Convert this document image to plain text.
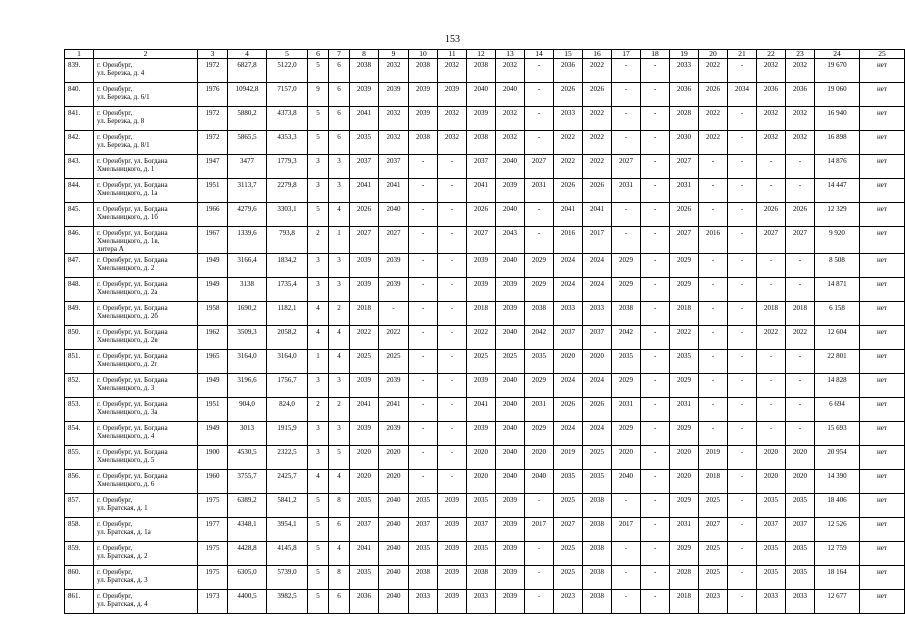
153
1	2	3	4	5	6	7	8	9	10	11	12	13	14	15	16	17	18	19	20	21	22	23	24	25
839.	г. Оренбург,
ул. Березка, д. 4	1972	6827,8	5122,0	5	6	2038	2032	2038	2032	2038	2032	-	2036	2022	-	-	2033	2022	-	2032	2032	19 670	нет
840.	г. Оренбург,
ул. Березка, д. 6/1	1976	10942,8	7157,0	9	6	2039	2039	2039	2039	2040	2040	-	2026	2026	-	-	2036	2026	2034	2036	2036	19 060	нет
841.	г. Оренбург,
ул. Березка, д. 8	1972	5880,2	4373,8	5	6	2041	2032	2039	2032	2039	2032	-	2033	2022	-	-	2028	2022	-	2032	2032	16 940	нет
842.	г. Оренбург,
ул. Березка, д. 8/1	1972	5865,5	4353,3	5	6	2035	2032	2038	2032	2038	2032	-	2022	2022	-	-	2030	2022	-	2032	2032	16 898	нет
843.	г. Оренбург, ул. Богдана
Хмельницкого, д. 1	1947	3477	1779,3	3	3	2037	2037	-	-	2037	2040	2027	2022	2022	2027	-	2027	-	-	-	-	14 876	нет
844.	г. Оренбург, ул. Богдана
Хмельницкого, д. 1а	1951	3113,7	2279,8	3	3	2041	2041	-	-	2041	2039	2031	2026	2026	2031	-	2031	-	-	-	-	14 447	нет
845.	г. Оренбург, ул. Богдана
Хмельницкого, д. 1б	1966	4279,6	3303,1	5	4	2026	2040	-	-	2026	2040	-	2041	2041	-	-	2026	-	-	2026	2026	12 329	нет
846.	г. Оренбург, ул. Богдана
Хмельницкого, д. 1в,
литера А	1967	1339,6	793,8	2	1	2027	2027	-	-	2027	2043	-	2016	2017	-	-	2027	2016	-	2027	2027	9 920	нет
847.	г. Оренбург, ул. Богдана
Хмельницкого, д. 2	1949	3166,4	1834,2	3	3	2039	2039	-	-	2039	2040	2029	2024	2024	2029	-	2029	-	-	-	-	8 508	нет
848.	г. Оренбург, ул. Богдана
Хмельницкого, д. 2а	1949	3138	1735,4	3	3	2039	2039	-	-	2039	2039	2029	2024	2024	2029	-	2029	-	-	-	-	14 871	нет
849.	г. Оренбург, ул. Богдана
Хмельницкого, д. 2б	1958	1690,2	1182,1	4	2	2018	-	-	-	2018	2039	2038	2033	2033	2038	-	2018	-	-	2018	2018	6 158	нет
850.	г. Оренбург, ул. Богдана
Хмельницкого, д. 2в	1962	3509,3	2058,2	4	4	2022	2022	-	-	2022	2040	2042	2037	2037	2042	-	2022	-	-	2022	2022	12 604	нет
851.	г. Оренбург, ул. Богдана
Хмельницкого, д. 2г	1965	3164,0	3164,0	1	4	2025	2025	-	-	2025	2025	2035	2020	2020	2035	-	2035	-	-	-	-	22 801	нет
852.	г. Оренбург, ул. Богдана
Хмельницкого, д. 3	1949	3196,6	1756,7	3	3	2039	2039	-	-	2039	2040	2029	2024	2024	2029	-	2029	-	-	-	-	14 828	нет
853.	г. Оренбург, ул. Богдана
Хмельницкого, д. 3а	1951	904,0	824,0	2	2	2041	2041	-	-	2041	2040	2031	2026	2026	2031	-	2031	-	-	-	-	6 694	нет
854.	г. Оренбург, ул. Богдана
Хмельницкого, д. 4	1949	3013	1915,9	3	3	2039	2039	-	-	2039	2040	2029	2024	2024	2029	-	2029	-	-	-	-	15 693	нет
855.	г. Оренбург, ул. Богдана
Хмельницкого, д. 5	1900	4530,5	2322,5	3	5	2020	2020	-	-	2020	2040	2020	2019	2025	2020	-	2020	2019	-	2020	2020	20 954	нет
856.	г. Оренбург, ул. Богдана
Хмельницкого, д. 6	1960	3755,7	2425,7	4	4	2020	2020	-	-	2020	2040	2040	2035	2035	2040	-	2020	2018	-	2020	2020	14 390	нет
857.	г. Оренбург,
ул. Братская, д. 1	1975	6389,2	5841,2	5	8	2035	2040	2035	2039	2035	2039	-	2025	2038	-	-	2029	2025	-	2035	2035	18 406	нет
858.	г. Оренбург,
ул. Братская, д. 1а	1977	4348,1	3954,1	5	6	2037	2040	2037	2039	2037	2039	2017	2027	2038	2017	-	2031	2027	-	2037	2037	12 526	нет
859.	г. Оренбург,
ул. Братская, д. 2	1975	4428,8	4145,8	5	4	2041	2040	2035	2039	2035	2039	-	2025	2038	-	-	2029	2025	-	2035	2035	12 759	нет
860.	г. Оренбург,
ул. Братская, д. 3	1975	6305,0	5739,0	5	8	2035	2040	2038	2039	2038	2039	-	2025	2038	-	-	2028	2025	-	2035	2035	18 164	нет
861.	г. Оренбург,
ул. Братская, д. 4	1973	4400,5	3982,5	5	6	2036	2040	2033	2039	2033	2039	-	2023	2038	-	-	2018	2023	-	2033	2033	12 677	нет
